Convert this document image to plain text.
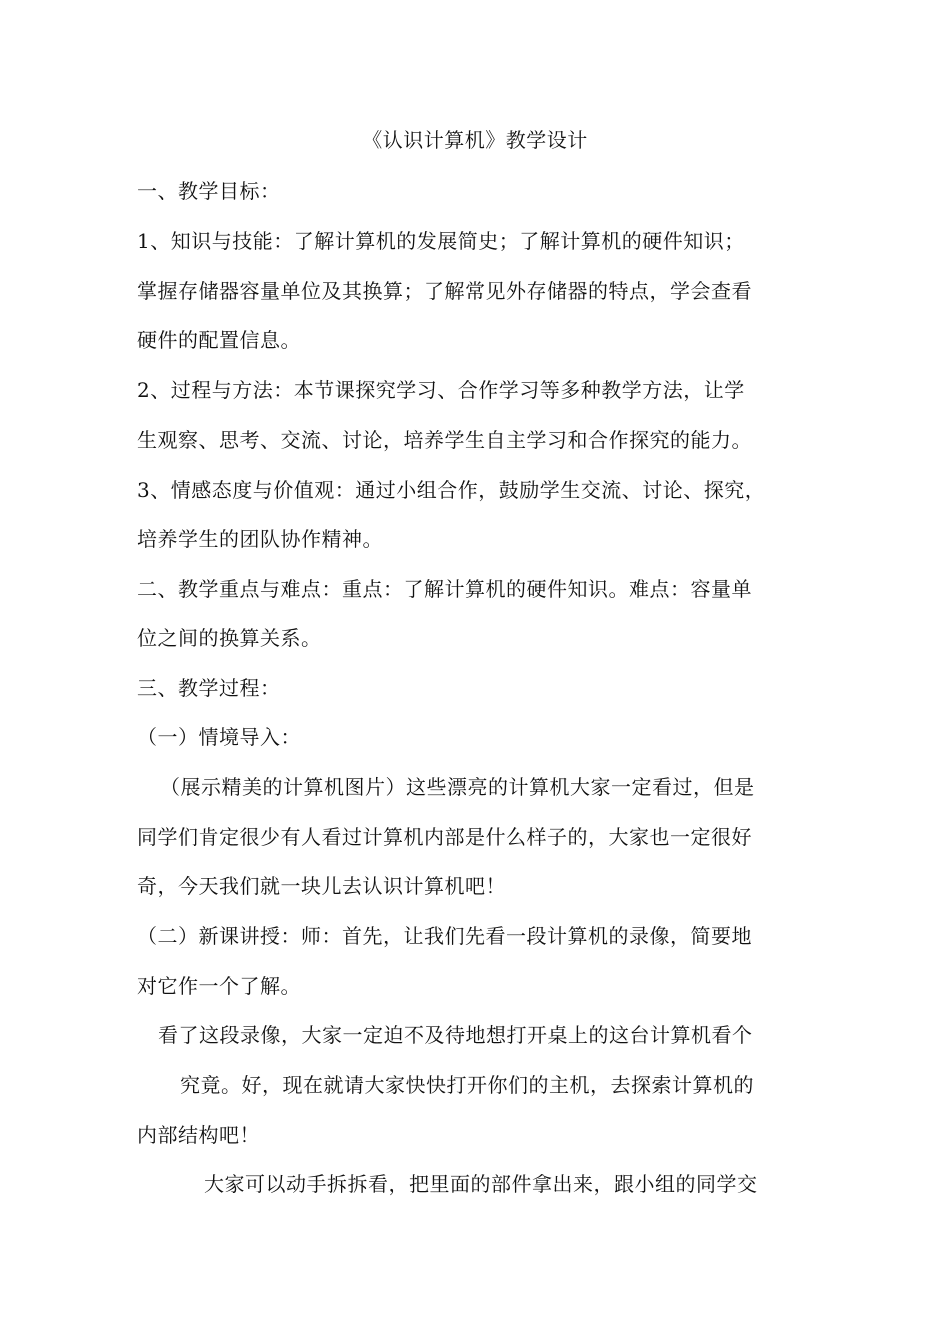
《认识计算机》教学设计
一、教学目标：
1、知识与技能：了解计算机的发展简史；了解计算机的硬件知识；
掌握存储器容量单位及其换算；了解常见外存储器的特点，学会查看
硬件的配置信息。
2、过程与方法：本节课探究学习、合作学习等多种教学方法，让学
生观察、思考、交流、讨论，培养学生自主学习和合作探究的能力。
3、情感态度与价值观：通过小组合作，鼓励学生交流、讨论、探究，
培养学生的团队协作精神。
二、教学重点与难点：重点：了解计算机的硬件知识。难点：容量单
位之间的换算关系。
三、教学过程：
（一）情境导入：
（展示精美的计算机图片）这些漂亮的计算机大家一定看过，但是
同学们肯定很少有人看过计算机内部是什么样子的，大家也一定很好
奇，今天我们就一块儿去认识计算机吧！
（二）新课讲授：师：首先，让我们先看一段计算机的录像，简要地
对它作一个了解。
看了这段录像，大家一定迫不及待地想打开桌上的这台计算机看个
究竟。好，现在就请大家快快打开你们的主机，去探索计算机的
内部结构吧！
大家可以动手拆拆看，把里面的部件拿出来，跟小组的同学交
